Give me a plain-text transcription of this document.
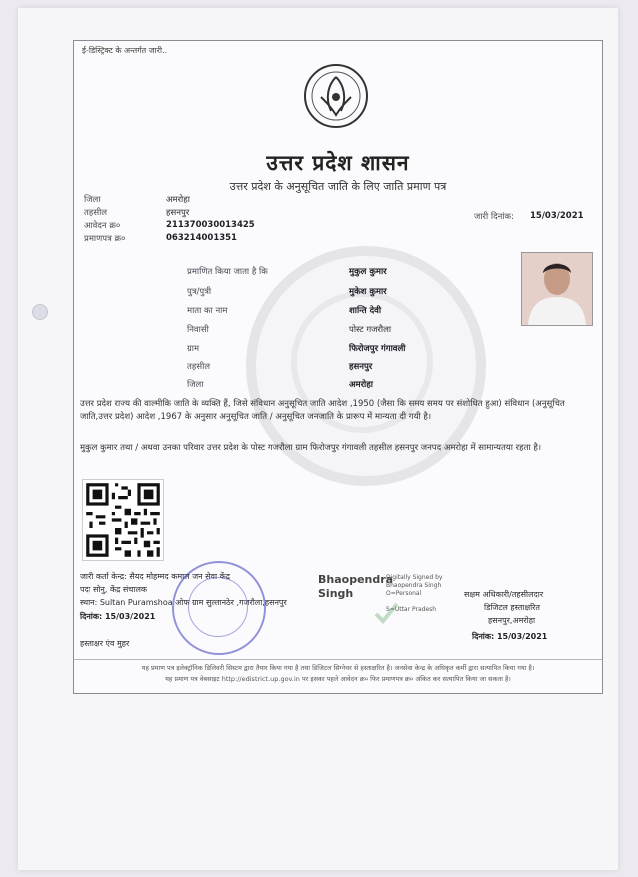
ई-डिस्ट्रिक्ट के अन्तर्गत जारी..
उत्तर प्रदेश शासन
उत्तर प्रदेश के अनुसूचित जाति के लिए जाति प्रमाण पत्र
जिला	अमरोहा
तहसील	हसनपुर
आवेदन क्र०	211370030013425
प्रमाणपत्र क्र०	063214001351
जारी दिनांक: 15/03/2021
प्रमाणित किया जाता है कि	मुकुल कुमार
पुत्र/पुत्री	मुकेश कुमार
माता का नाम	शान्ति देवी
निवासी	पोस्ट गजरौला
ग्राम	फिरोजपुर गंगावली
तहसील	हसनपुर
जिला	अमरोहा
उत्तर प्रदेश राज्य की वाल्मीकि जाति के व्यक्ति हैं, जिसे संविधान अनुसूचित जाति आदेश ,1950 (जैसा कि समय समय पर संशोधित हुआ) संविधान (अनुसूचित जाति,उत्तर प्रदेश) आदेश ,1967 के अनुसार अनुसूचित जाति / अनुसूचित जनजाति के प्रारूप में मान्यता दी गयी है।
मुकुल कुमार तथा / अथवा उनका परिवार उत्तर प्रदेश के पोस्ट गजरौला ग्राम फिरोजपुर गंगावली तहसील हसनपुर जनपद अमरोहा में सामान्यतया रहता है।
जारी कर्ता केन्द्र: सैयद मोहम्मद कमाल जन सेवा केंद्र
पदः सोनु, केंद्र संचालक
स्थान: Sultan Puramshoa ओफ ग्राम सुल्तानठेर ,गजरौला,हसनपुर
दिनांक: 15/03/2021
हस्ताक्षर एंव मुहर
Bhaopendra Singh
Digitally Signed by
Bhaopendra Singh
O=Personal
S=Uttar Pradesh
सक्षम अधिकारी/तहसीलदार
डिजिटल हस्ताक्षरित
हसनपुर,अमरोहा
दिनांक: 15/03/2021
यह प्रमाण पत्र इलेक्ट्रॉनिक डिलिवरी सिस्टम द्वारा तैयार किया गया है तथा डिजिटल सिग्नेचर से हस्ताक्षरित है। जनसेवा केन्द्र के अधिकृत कर्मी द्वारा सत्यापित किया गया है।
यह प्रमाण पत्र वेबसाइट http://edistrict.up.gov.in पर इसका पहले आवेदन क्र० फिर प्रमाणपत्र क्र० अंकित कर सत्यापित किया जा सकता है।
